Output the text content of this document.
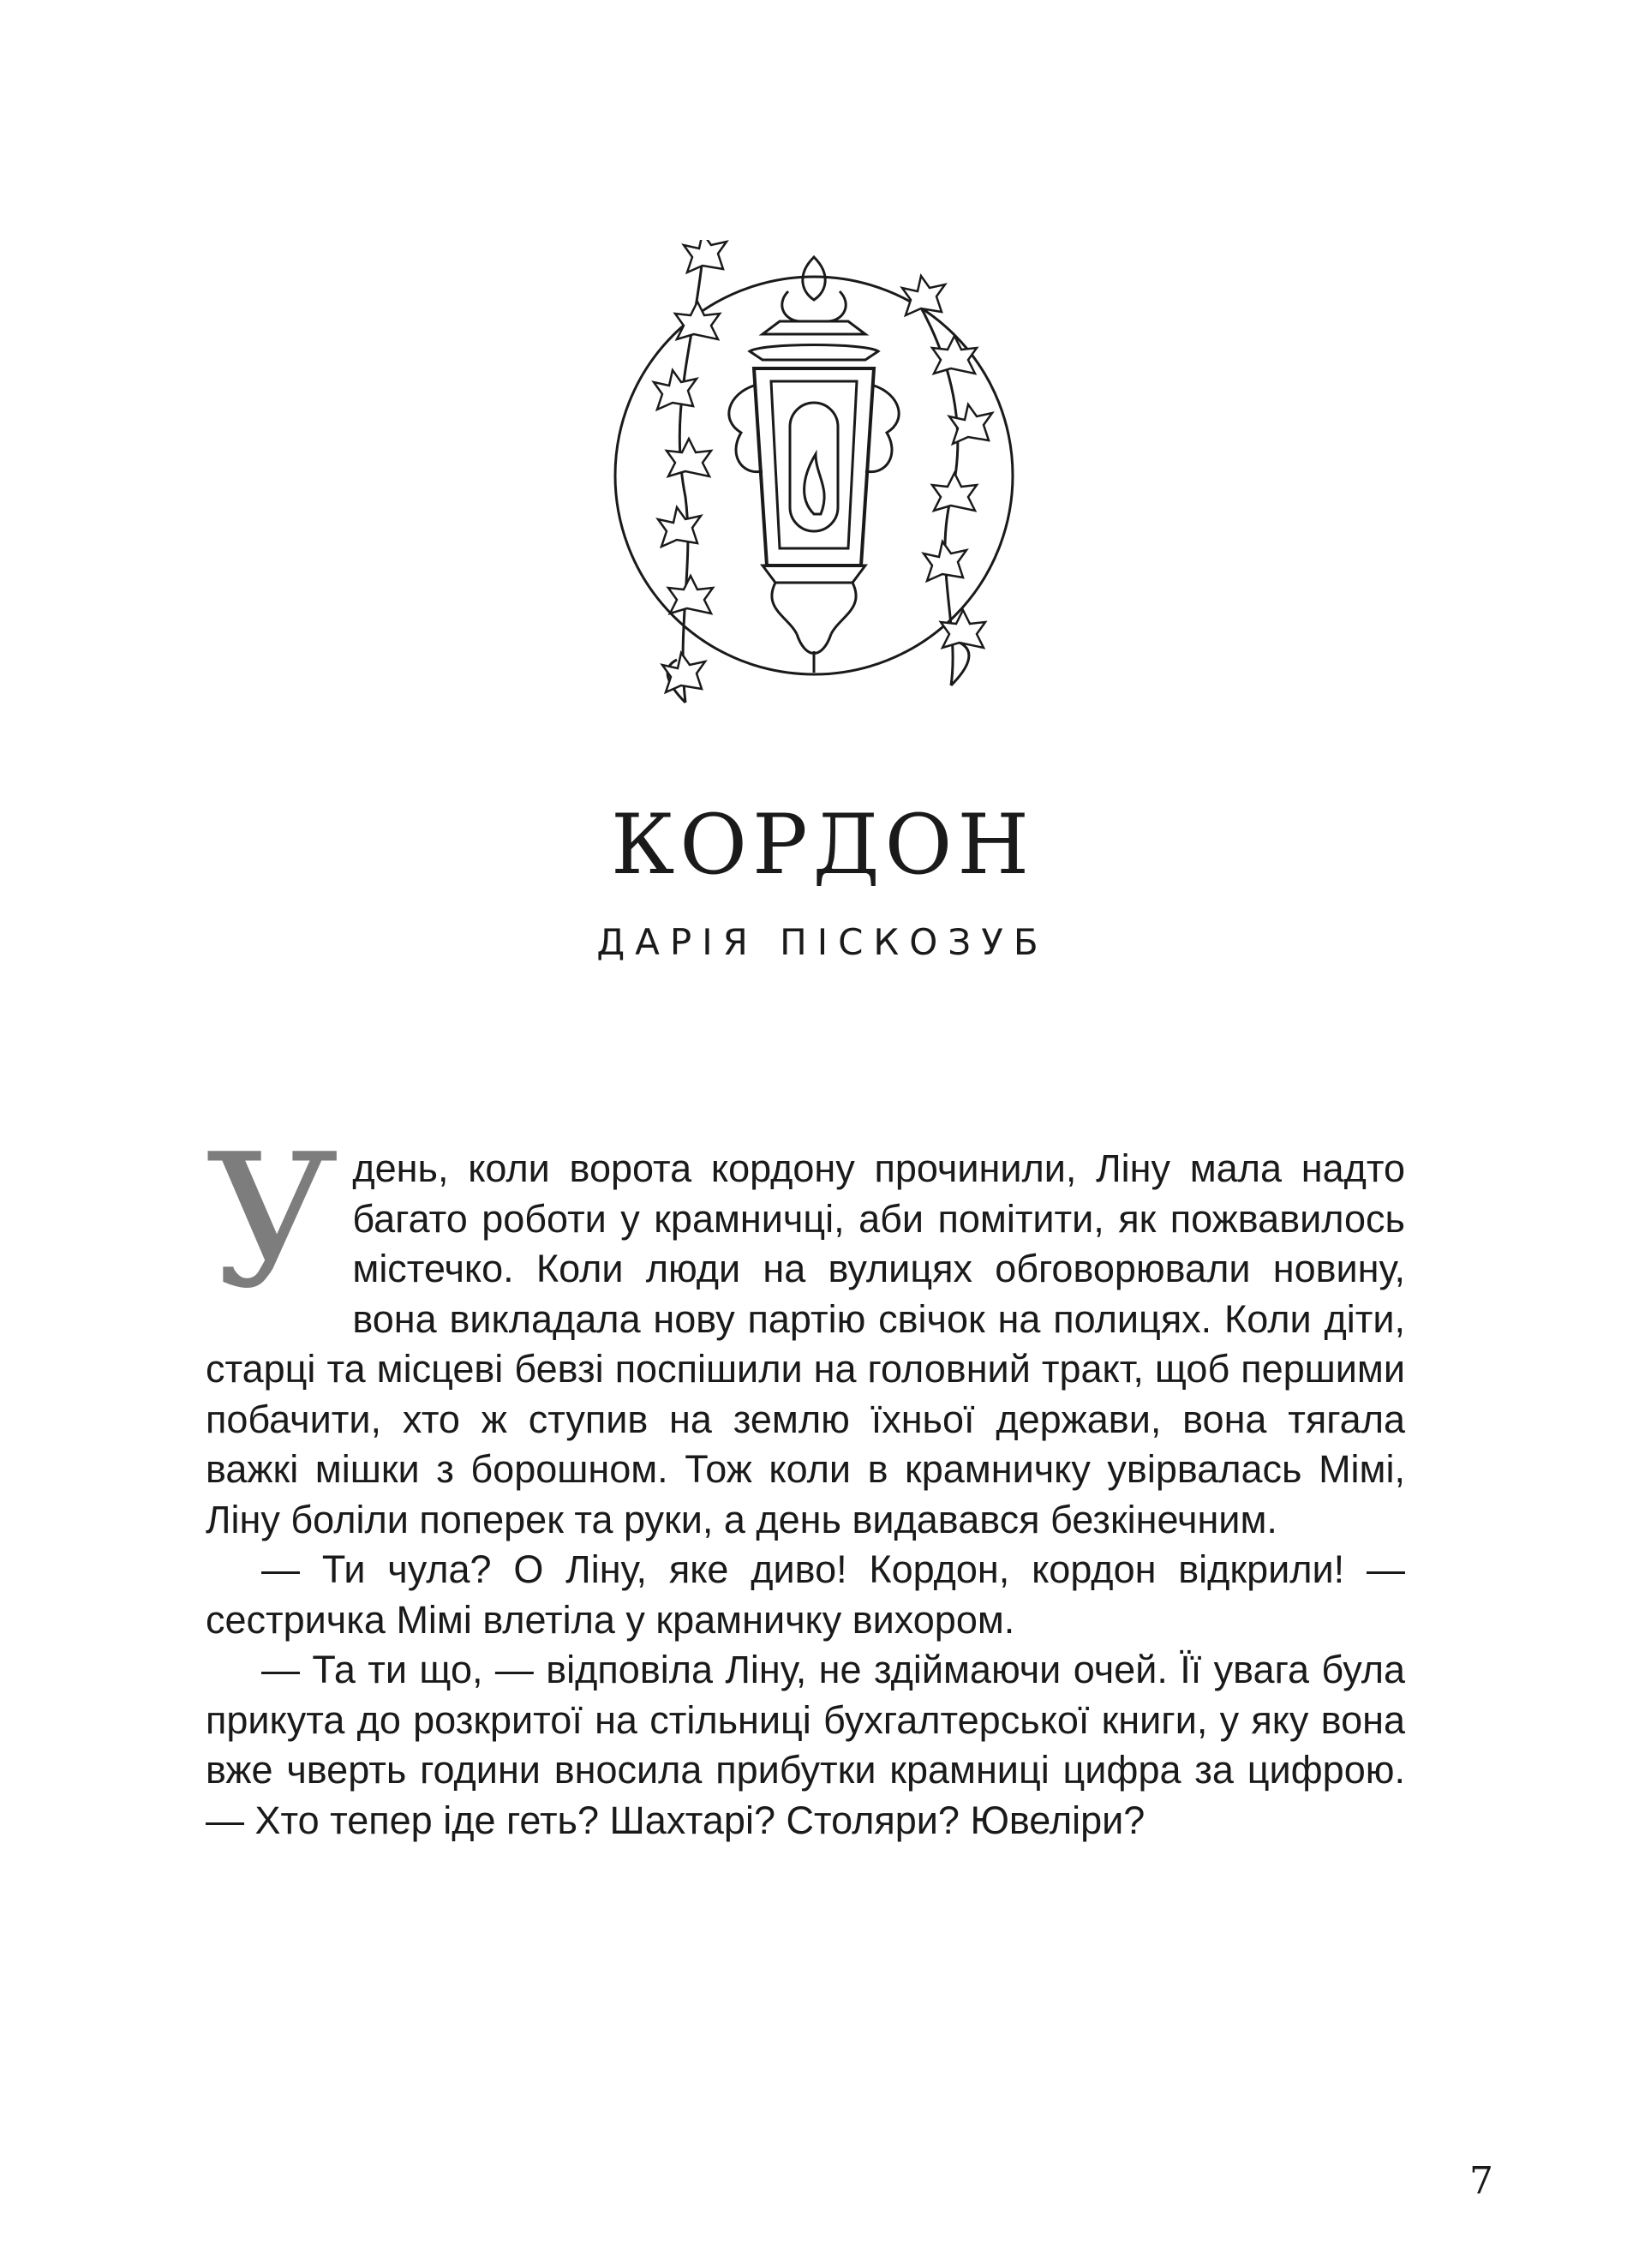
КОРДОН
ДАРІЯ ПІСКОЗУБ

У день, коли ворота кордону прочинили, Ліну мала надто багато роботи у крамничці, аби помітити, як пожвавилось містечко. Коли люди на вулицях обговорювали новину, вона викладала нову партію свічок на полицях. Коли діти, старці та місцеві бевзі поспішили на головний тракт, щоб першими побачити, хто ж ступив на землю їхньої держави, вона тягала важкі мішки з борошном. Тож коли в крамничку увірвалась Мімі, Ліну боліли поперек та руки, а день видавався безкінечним.

— Ти чула? О Ліну, яке диво! Кордон, кордон відкрили! — сестричка Мімі влетіла у крамничку вихором.

— Та ти що, — відповіла Ліну, не здіймаючи очей. Її увага була прикута до розкритої на стільниці бухгалтерської книги, у яку вона вже чверть години вносила прибутки крамниці цифра за цифрою. — Хто тепер іде геть? Шахтарі? Столяри? Ювеліри?

7
